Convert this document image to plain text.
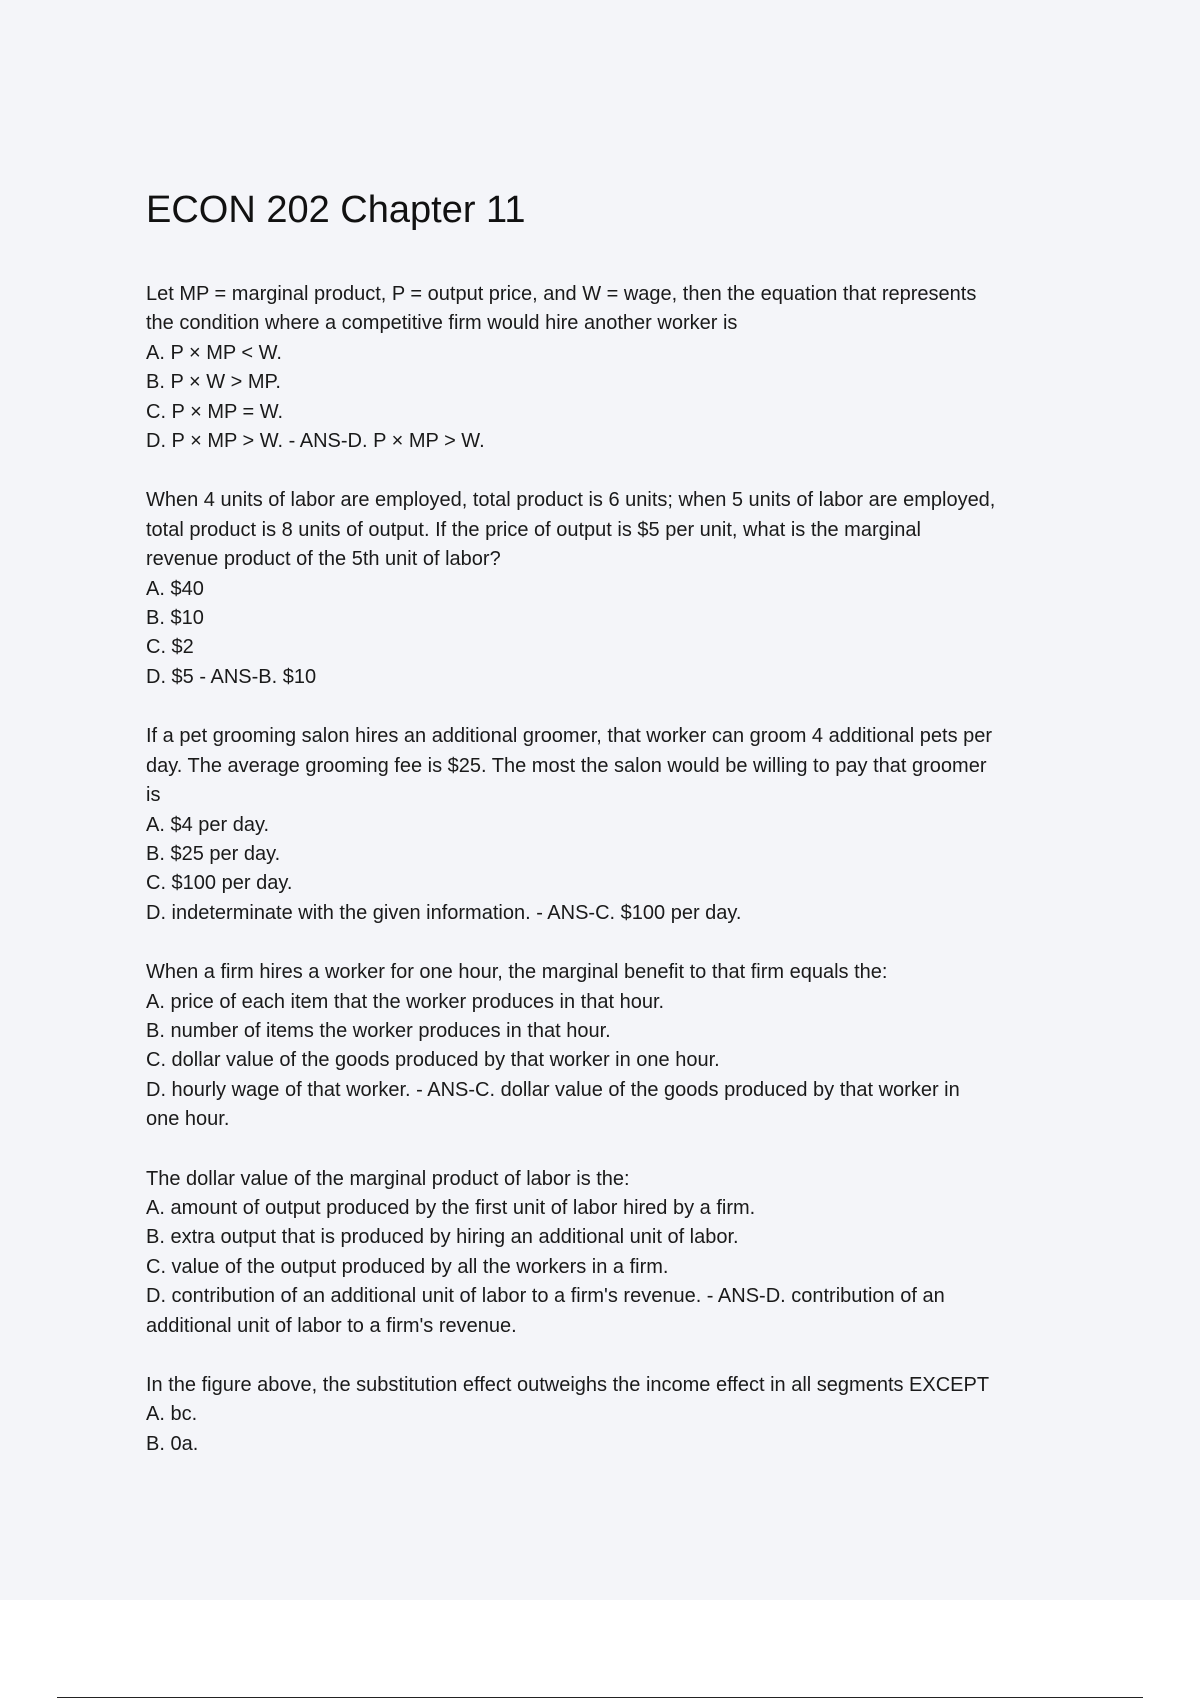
ECON 202 Chapter 11
Let MP = marginal product, P = output price, and W = wage, then the equation that represents
the condition where a competitive firm would hire another worker is
A. P × MP < W.
B. P × W > MP.
C. P × MP = W.
D. P × MP > W. - ANS-D. P × MP > W.
When 4 units of labor are employed, total product is 6 units; when 5 units of labor are employed,
total product is 8 units of output. If the price of output is $5 per unit, what is the marginal
revenue product of the 5th unit of labor?
A. $40
B. $10
C. $2
D. $5 - ANS-B. $10
If a pet grooming salon hires an additional groomer, that worker can groom 4 additional pets per
day. The average grooming fee is $25. The most the salon would be willing to pay that groomer
is
A. $4 per day.
B. $25 per day.
C. $100 per day.
D. indeterminate with the given information. - ANS-C. $100 per day.
When a firm hires a worker for one hour, the marginal benefit to that firm equals the:
A. price of each item that the worker produces in that hour.
B. number of items the worker produces in that hour.
C. dollar value of the goods produced by that worker in one hour.
D. hourly wage of that worker. - ANS-C. dollar value of the goods produced by that worker in
one hour.
The dollar value of the marginal product of labor is the:
A. amount of output produced by the first unit of labor hired by a firm.
B. extra output that is produced by hiring an additional unit of labor.
C. value of the output produced by all the workers in a firm.
D. contribution of an additional unit of labor to a firm's revenue. - ANS-D. contribution of an
additional unit of labor to a firm's revenue.
In the figure above, the substitution effect outweighs the income effect in all segments EXCEPT
A. bc.
B. 0a.
